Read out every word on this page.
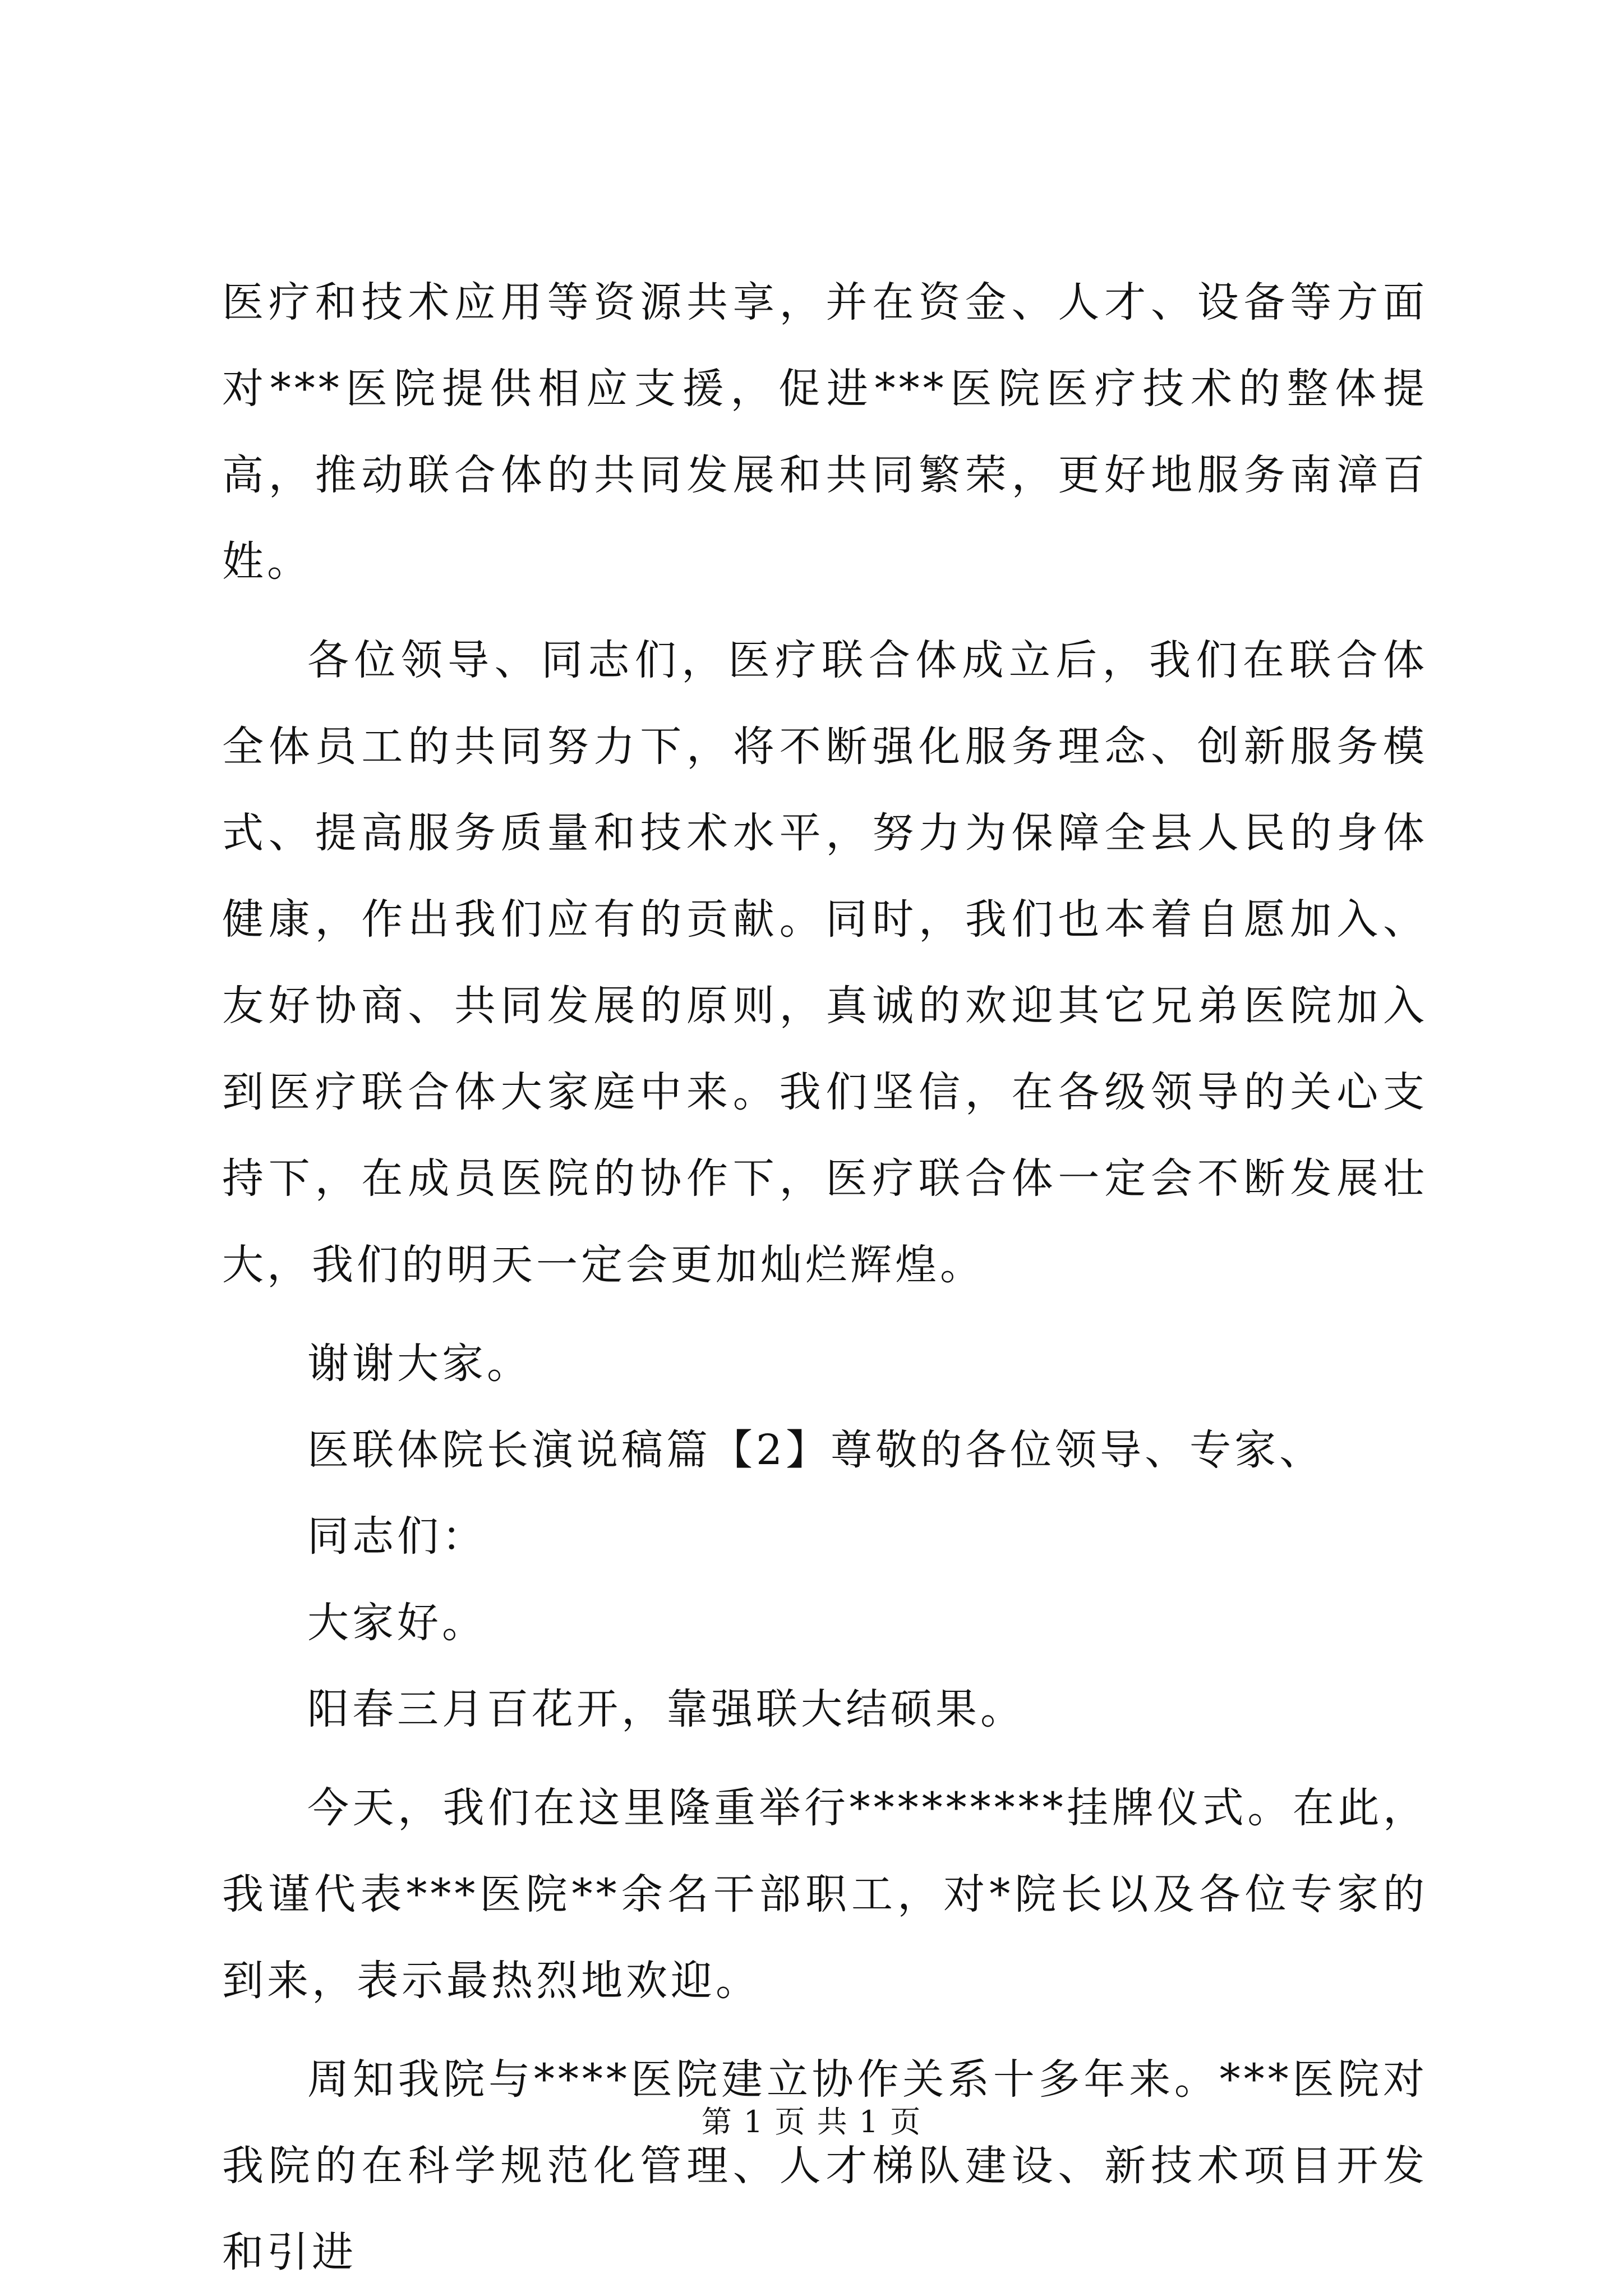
医疗和技术应用等资源共享，并在资金、人才、设备等方面对***医院提供相应支援，促进***医院医疗技术的整体提高，推动联合体的共同发展和共同繁荣，更好地服务南漳百姓。

各位领导、同志们，医疗联合体成立后，我们在联合体全体员工的共同努力下，将不断强化服务理念、创新服务模式、提高服务质量和技术水平，努力为保障全县人民的身体健康，作出我们应有的贡献。同时，我们也本着自愿加入、友好协商、共同发展的原则，真诚的欢迎其它兄弟医院加入到医疗联合体大家庭中来。我们坚信，在各级领导的关心支持下，在成员医院的协作下，医疗联合体一定会不断发展壮大，我们的明天一定会更加灿烂辉煌。

谢谢大家。

医联体院长演说稿篇【2】尊敬的各位领导、专家、

同志们：

大家好。

阳春三月百花开，靠强联大结硕果。

今天，我们在这里隆重举行*********挂牌仪式。在此，我谨代表***医院**余名干部职工，对*院长以及各位专家的到来，表示最热烈地欢迎。

周知我院与****医院建立协作关系十多年来。***医院对我院的在科学规范化管理、人才梯队建设、新技术项目开发和引进

第 1 页 共 1 页
